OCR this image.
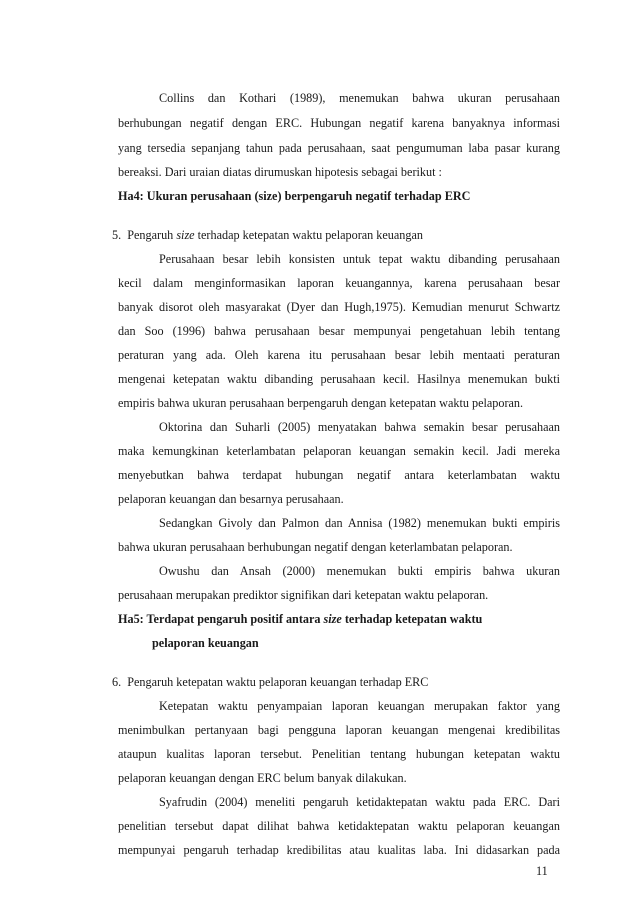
Collins dan Kothari (1989), menemukan bahwa ukuran perusahaan
berhubungan negatif dengan ERC. Hubungan negatif karena banyaknya informasi
yang tersedia sepanjang tahun pada perusahaan, saat pengumuman laba pasar kurang
bereaksi. Dari uraian diatas dirumuskan hipotesis sebagai berikut :
Ha4: Ukuran perusahaan (size) berpengaruh negatif terhadap ERC
5. Pengaruh size terhadap ketepatan waktu pelaporan keuangan
Perusahaan besar lebih konsisten untuk tepat waktu dibanding perusahaan
kecil dalam menginformasikan laporan keuangannya, karena perusahaan besar
banyak disorot oleh masyarakat (Dyer dan Hugh,1975). Kemudian menurut Schwartz
dan Soo (1996) bahwa perusahaan besar mempunyai pengetahuan lebih tentang
peraturan yang ada. Oleh karena itu perusahaan besar lebih mentaati peraturan
mengenai ketepatan waktu dibanding perusahaan kecil. Hasilnya menemukan bukti
empiris bahwa ukuran perusahaan berpengaruh dengan ketepatan waktu pelaporan.
Oktorina dan Suharli (2005) menyatakan bahwa semakin besar perusahaan
maka kemungkinan keterlambatan pelaporan keuangan semakin kecil. Jadi mereka
menyebutkan bahwa terdapat hubungan negatif antara keterlambatan waktu
pelaporan keuangan dan besarnya perusahaan.
Sedangkan Givoly dan Palmon dan Annisa (1982) menemukan bukti empiris
bahwa ukuran perusahaan berhubungan negatif dengan keterlambatan pelaporan.
Owushu dan Ansah (2000) menemukan bukti empiris bahwa ukuran
perusahaan merupakan prediktor signifikan dari ketepatan waktu pelaporan.
Ha5: Terdapat pengaruh positif antara size terhadap ketepatan waktu
pelaporan keuangan
6. Pengaruh ketepatan waktu pelaporan keuangan terhadap ERC
Ketepatan waktu penyampaian laporan keuangan merupakan faktor yang
menimbulkan pertanyaan bagi pengguna laporan keuangan mengenai kredibilitas
ataupun kualitas laporan tersebut. Penelitian tentang hubungan ketepatan waktu
pelaporan keuangan dengan ERC belum banyak dilakukan.
Syafrudin (2004) meneliti pengaruh ketidaktepatan waktu pada ERC. Dari
penelitian tersebut dapat dilihat bahwa ketidaktepatan waktu pelaporan keuangan
mempunyai pengaruh terhadap kredibilitas atau kualitas laba. Ini didasarkan pada
11
